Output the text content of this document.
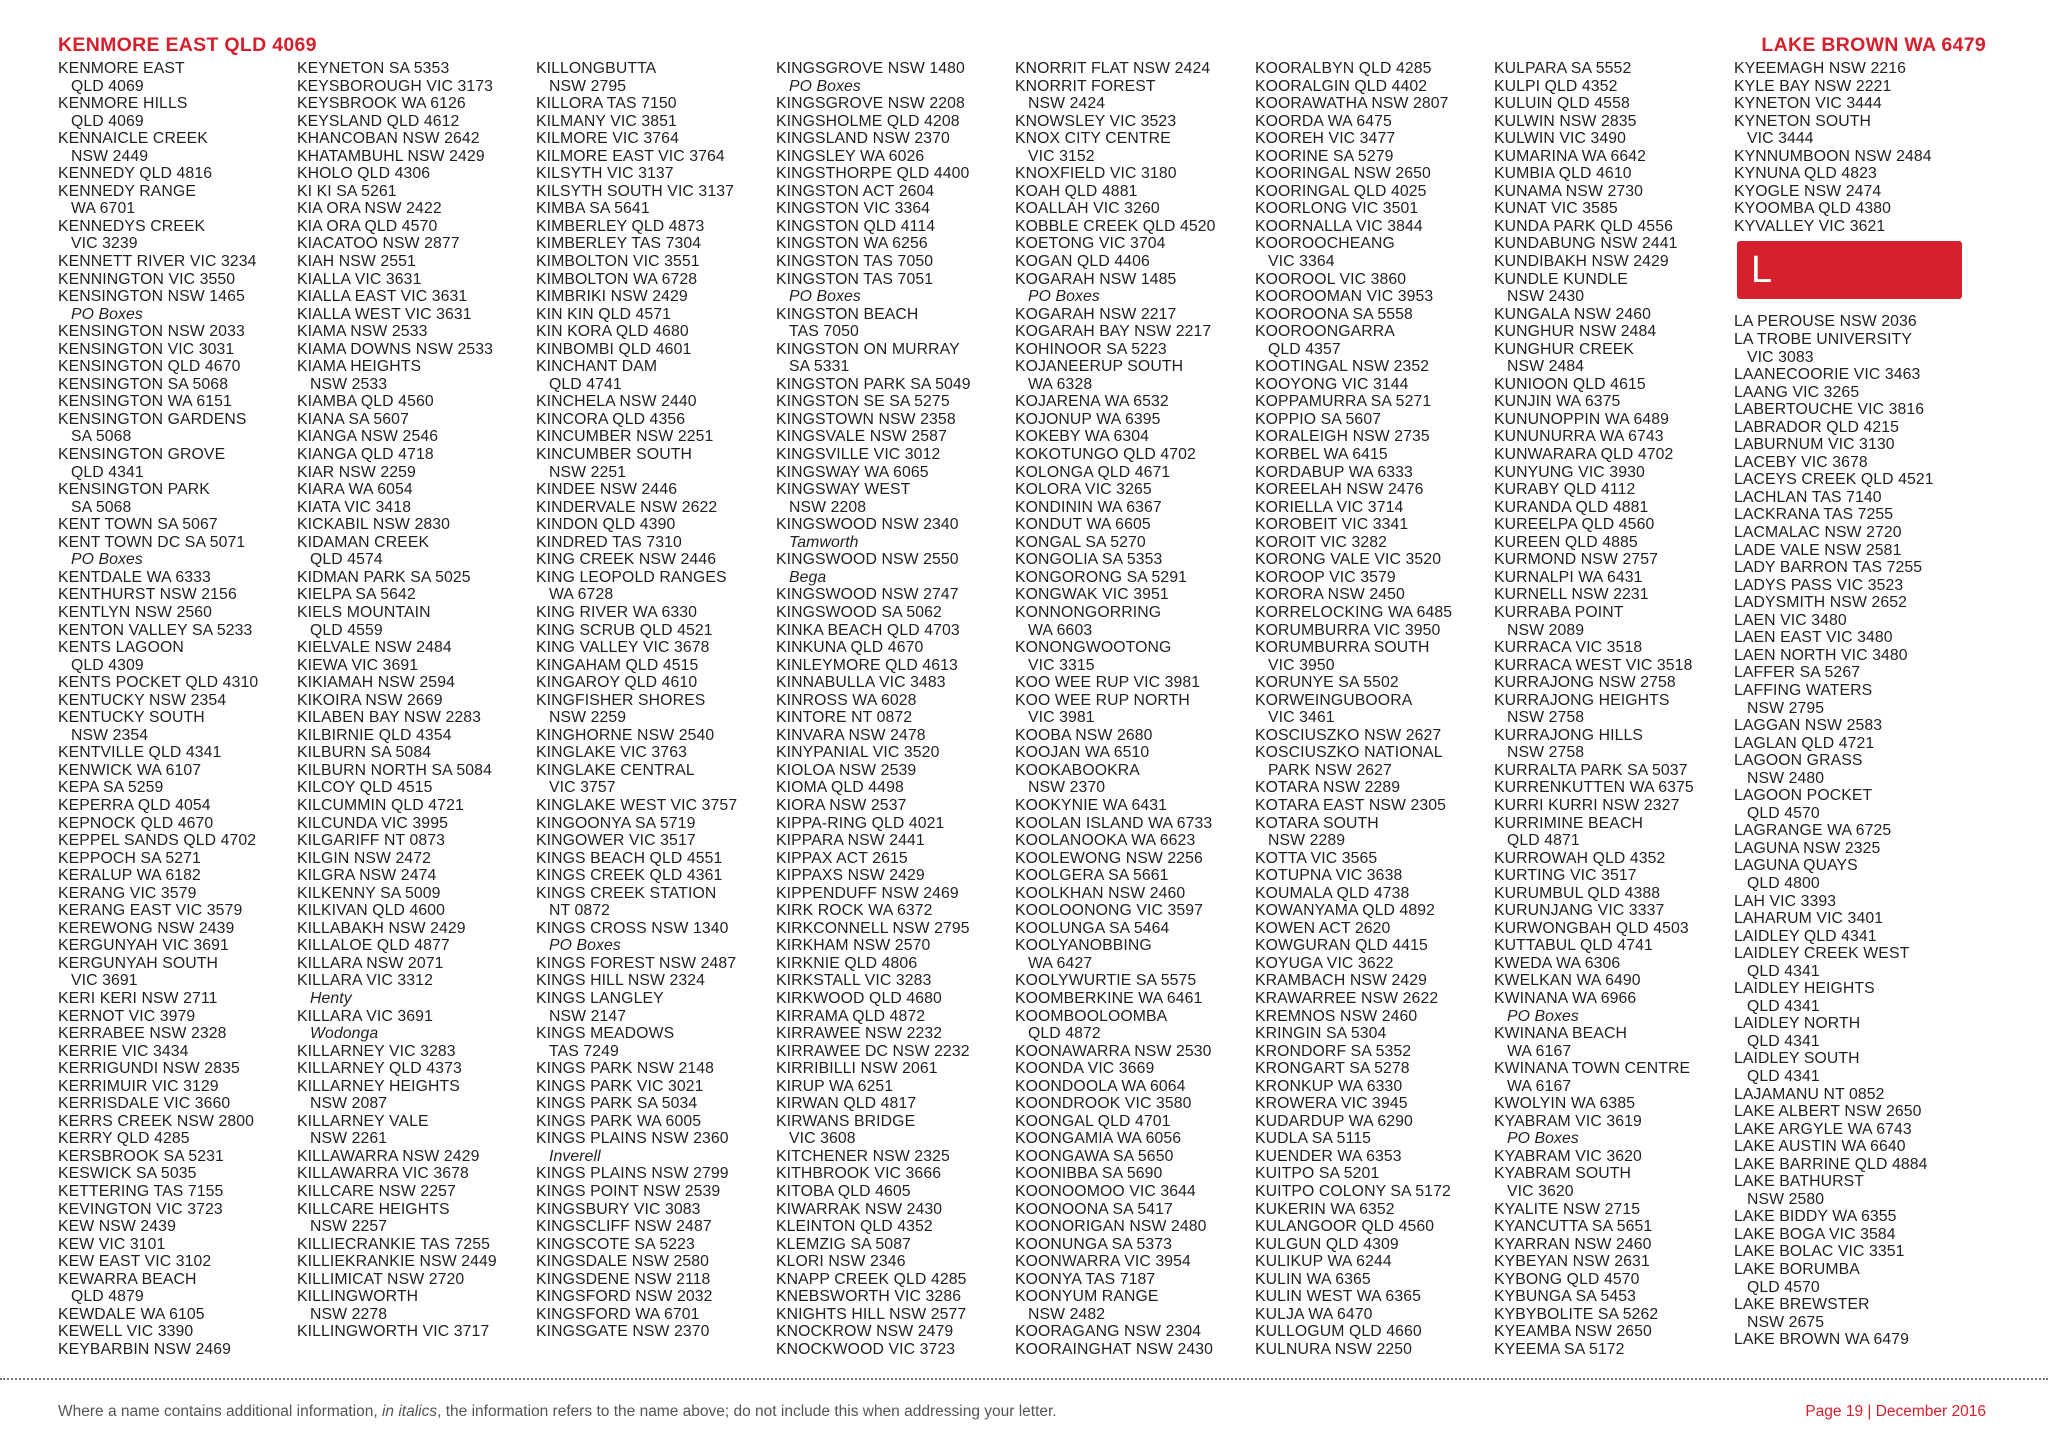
KENMORE EAST QLD 4069	LAKE BROWN WA 6479
KENMORE EAST
QLD 4069
KENMORE HILLS
QLD 4069
KENNAICLE CREEK
NSW 2449
KENNEDY QLD 4816
KENNEDY RANGE
WA 6701
KENNEDYS CREEK
VIC 3239
KENNETT RIVER VIC 3234
KENNINGTON VIC 3550
KENSINGTON NSW 1465
PO Boxes
KENSINGTON NSW 2033
KENSINGTON VIC 3031
KENSINGTON QLD 4670
KENSINGTON SA 5068
KENSINGTON WA 6151
KENSINGTON GARDENS
SA 5068
KENSINGTON GROVE
QLD 4341
KENSINGTON PARK
SA 5068
KENT TOWN SA 5067
KENT TOWN DC SA 5071
PO Boxes
KENTDALE WA 6333
KENTHURST NSW 2156
KENTLYN NSW 2560
KENTON VALLEY SA 5233
KENTS LAGOON
QLD 4309
KENTS POCKET QLD 4310
KENTUCKY NSW 2354
KENTUCKY SOUTH
NSW 2354
KENTVILLE QLD 4341
KENWICK WA 6107
KEPA SA 5259
KEPERRA QLD 4054
KEPNOCK QLD 4670
KEPPEL SANDS QLD 4702
KEPPOCH SA 5271
KERALUP WA 6182
KERANG VIC 3579
KERANG EAST VIC 3579
KEREWONG NSW 2439
KERGUNYAH VIC 3691
KERGUNYAH SOUTH
VIC 3691
KERI KERI NSW 2711
KERNOT VIC 3979
KERRABEE NSW 2328
KERRIE VIC 3434
KERRIGUNDI NSW 2835
KERRIMUIR VIC 3129
KERRISDALE VIC 3660
KERRS CREEK NSW 2800
KERRY QLD 4285
KERSBROOK SA 5231
KESWICK SA 5035
KETTERING TAS 7155
KEVINGTON VIC 3723
KEW NSW 2439
KEW VIC 3101
KEW EAST VIC 3102
KEWARRA BEACH
QLD 4879
KEWDALE WA 6105
KEWELL VIC 3390
KEYBARBIN NSW 2469
KEYNETON SA 5353
KEYSBOROUGH VIC 3173
KEYSBROOK WA 6126
KEYSLAND QLD 4612
KHANCOBAN NSW 2642
KHATAMBUHL NSW 2429
KHOLO QLD 4306
KI KI SA 5261
KIA ORA NSW 2422
KIA ORA QLD 4570
KIACATOO NSW 2877
KIAH NSW 2551
KIALLA VIC 3631
KIALLA EAST VIC 3631
KIALLA WEST VIC 3631
KIAMA NSW 2533
KIAMA DOWNS NSW 2533
KIAMA HEIGHTS
NSW 2533
KIAMBA QLD 4560
KIANA SA 5607
KIANGA NSW 2546
KIANGA QLD 4718
KIAR NSW 2259
KIARA WA 6054
KIATA VIC 3418
KICKABIL NSW 2830
KIDAMAN CREEK
QLD 4574
KIDMAN PARK SA 5025
KIELPA SA 5642
KIELS MOUNTAIN
QLD 4559
KIELVALE NSW 2484
KIEWA VIC 3691
KIKIAMAH NSW 2594
KIKOIRA NSW 2669
KILABEN BAY NSW 2283
KILBIRNIE QLD 4354
KILBURN SA 5084
KILBURN NORTH SA 5084
KILCOY QLD 4515
KILCUMMIN QLD 4721
KILCUNDA VIC 3995
KILGARIFF NT 0873
KILGIN NSW 2472
KILGRA NSW 2474
KILKENNY SA 5009
KILKIVAN QLD 4600
KILLABAKH NSW 2429
KILLALOE QLD 4877
KILLARA NSW 2071
KILLARA VIC 3312
Henty
KILLARA VIC 3691
Wodonga
KILLARNEY VIC 3283
KILLARNEY QLD 4373
KILLARNEY HEIGHTS
NSW 2087
KILLARNEY VALE
NSW 2261
KILLAWARRA NSW 2429
KILLAWARRA VIC 3678
KILLCARE NSW 2257
KILLCARE HEIGHTS
NSW 2257
KILLIECRANKIE TAS 7255
KILLIEKRANKIE NSW 2449
KILLIMICAT NSW 2720
KILLINGWORTH
NSW 2278
KILLINGWORTH VIC 3717
KILLONGBUTTA
NSW 2795
KILLORA TAS 7150
KILMANY VIC 3851
KILMORE VIC 3764
KILMORE EAST VIC 3764
KILSYTH VIC 3137
KILSYTH SOUTH VIC 3137
KIMBA SA 5641
KIMBERLEY QLD 4873
KIMBERLEY TAS 7304
KIMBOLTON VIC 3551
KIMBOLTON WA 6728
KIMBRIKI NSW 2429
KIN KIN QLD 4571
KIN KORA QLD 4680
KINBOMBI QLD 4601
KINCHANT DAM
QLD 4741
KINCHELA NSW 2440
KINCORA QLD 4356
KINCUMBER NSW 2251
KINCUMBER SOUTH
NSW 2251
KINDEE NSW 2446
KINDERVALE NSW 2622
KINDON QLD 4390
KINDRED TAS 7310
KING CREEK NSW 2446
KING LEOPOLD RANGES
WA 6728
KING RIVER WA 6330
KING SCRUB QLD 4521
KING VALLEY VIC 3678
KINGAHAM QLD 4515
KINGAROY QLD 4610
KINGFISHER SHORES
NSW 2259
KINGHORNE NSW 2540
KINGLAKE VIC 3763
KINGLAKE CENTRAL
VIC 3757
KINGLAKE WEST VIC 3757
KINGOONYA SA 5719
KINGOWER VIC 3517
KINGS BEACH QLD 4551
KINGS CREEK QLD 4361
KINGS CREEK STATION
NT 0872
KINGS CROSS NSW 1340
PO Boxes
KINGS FOREST NSW 2487
KINGS HILL NSW 2324
KINGS LANGLEY
NSW 2147
KINGS MEADOWS
TAS 7249
KINGS PARK NSW 2148
KINGS PARK VIC 3021
KINGS PARK SA 5034
KINGS PARK WA 6005
KINGS PLAINS NSW 2360
Inverell
KINGS PLAINS NSW 2799
KINGS POINT NSW 2539
KINGSBURY VIC 3083
KINGSCLIFF NSW 2487
KINGSCOTE SA 5223
KINGSDALE NSW 2580
KINGSDENE NSW 2118
KINGSFORD NSW 2032
KINGSFORD WA 6701
KINGSGATE NSW 2370
KINGSGROVE NSW 1480
PO Boxes
KINGSGROVE NSW 2208
KINGSHOLME QLD 4208
KINGSLAND NSW 2370
KINGSLEY WA 6026
KINGSTHORPE QLD 4400
KINGSTON ACT 2604
KINGSTON VIC 3364
KINGSTON QLD 4114
KINGSTON WA 6256
KINGSTON TAS 7050
KINGSTON TAS 7051
PO Boxes
KINGSTON BEACH
TAS 7050
KINGSTON ON MURRAY
SA 5331
KINGSTON PARK SA 5049
KINGSTON SE SA 5275
KINGSTOWN NSW 2358
KINGSVALE NSW 2587
KINGSVILLE VIC 3012
KINGSWAY WA 6065
KINGSWAY WEST
NSW 2208
KINGSWOOD NSW 2340
Tamworth
KINGSWOOD NSW 2550
Bega
KINGSWOOD NSW 2747
KINGSWOOD SA 5062
KINKA BEACH QLD 4703
KINKUNA QLD 4670
KINLEYMORE QLD 4613
KINNABULLA VIC 3483
KINROSS WA 6028
KINTORE NT 0872
KINVARA NSW 2478
KINYPANIAL VIC 3520
KIOLOA NSW 2539
KIOMA QLD 4498
KIORA NSW 2537
KIPPA-RING QLD 4021
KIPPARA NSW 2441
KIPPAX ACT 2615
KIPPAXS NSW 2429
KIPPENDUFF NSW 2469
KIRK ROCK WA 6372
KIRKCONNELL NSW 2795
KIRKHAM NSW 2570
KIRKNIE QLD 4806
KIRKSTALL VIC 3283
KIRKWOOD QLD 4680
KIRRAMA QLD 4872
KIRRAWEE NSW 2232
KIRRAWEE DC NSW 2232
KIRRIBILLI NSW 2061
KIRUP WA 6251
KIRWAN QLD 4817
KIRWANS BRIDGE
VIC 3608
KITCHENER NSW 2325
KITHBROOK VIC 3666
KITOBA QLD 4605
KIWARRAK NSW 2430
KLEINTON QLD 4352
KLEMZIG SA 5087
KLORI NSW 2346
KNAPP CREEK QLD 4285
KNEBSWORTH VIC 3286
KNIGHTS HILL NSW 2577
KNOCKROW NSW 2479
KNOCKWOOD VIC 3723
KNORRIT FLAT NSW 2424
KNORRIT FOREST
NSW 2424
KNOWSLEY VIC 3523
KNOX CITY CENTRE
VIC 3152
KNOXFIELD VIC 3180
KOAH QLD 4881
KOALLAH VIC 3260
KOBBLE CREEK QLD 4520
KOETONG VIC 3704
KOGAN QLD 4406
KOGARAH NSW 1485
PO Boxes
KOGARAH NSW 2217
KOGARAH BAY NSW 2217
KOHINOOR SA 5223
KOJANEERUP SOUTH
WA 6328
KOJARENA WA 6532
KOJONUP WA 6395
KOKEBY WA 6304
KOKOTUNGO QLD 4702
KOLONGA QLD 4671
KOLORA VIC 3265
KONDININ WA 6367
KONDUT WA 6605
KONGAL SA 5270
KONGOLIA SA 5353
KONGORONG SA 5291
KONGWAK VIC 3951
KONNONGORRING
WA 6603
KONONGWOOTONG
VIC 3315
KOO WEE RUP VIC 3981
KOO WEE RUP NORTH
VIC 3981
KOOBA NSW 2680
KOOJAN WA 6510
KOOKABOOKRA
NSW 2370
KOOKYNIE WA 6431
KOOLAN ISLAND WA 6733
KOOLANOOKA WA 6623
KOOLEWONG NSW 2256
KOOLGERA SA 5661
KOOLKHAN NSW 2460
KOOLOONONG VIC 3597
KOOLUNGA SA 5464
KOOLYANOBBING
WA 6427
KOOLYWURTIE SA 5575
KOOMBERKINE WA 6461
KOOMBOOLOOMBA
QLD 4872
KOONAWARRA NSW 2530
KOONDA VIC 3669
KOONDOOLA WA 6064
KOONDROOK VIC 3580
KOONGAL QLD 4701
KOONGAMIA WA 6056
KOONGAWA SA 5650
KOONIBBA SA 5690
KOONOOMOO VIC 3644
KOONOONA SA 5417
KOONORIGAN NSW 2480
KOONUNGA SA 5373
KOONWARRA VIC 3954
KOONYA TAS 7187
KOONYUM RANGE
NSW 2482
KOORAGANG NSW 2304
KOORAINGHAT NSW 2430
KOORALBYN QLD 4285
KOORALGIN QLD 4402
KOORAWATHA NSW 2807
KOORDA WA 6475
KOOREH VIC 3477
KOORINE SA 5279
KOORINGAL NSW 2650
KOORINGAL QLD 4025
KOORLONG VIC 3501
KOORNALLA VIC 3844
KOOROOCHEANG
VIC 3364
KOOROOL VIC 3860
KOOROOMAN VIC 3953
KOOROONA SA 5558
KOOROONGARRA
QLD 4357
KOOTINGAL NSW 2352
KOOYONG VIC 3144
KOPPAMURRA SA 5271
KOPPIO SA 5607
KORALEIGH NSW 2735
KORBEL WA 6415
KORDABUP WA 6333
KOREELAH NSW 2476
KORIELLA VIC 3714
KOROBEIT VIC 3341
KOROIT VIC 3282
KORONG VALE VIC 3520
KOROOP VIC 3579
KORORA NSW 2450
KORRELOCKING WA 6485
KORUMBURRA VIC 3950
KORUMBURRA SOUTH
VIC 3950
KORUNYE SA 5502
KORWEINGUBOORA
VIC 3461
KOSCIUSZKO NSW 2627
KOSCIUSZKO NATIONAL
PARK NSW 2627
KOTARA NSW 2289
KOTARA EAST NSW 2305
KOTARA SOUTH
NSW 2289
KOTTA VIC 3565
KOTUPNA VIC 3638
KOUMALA QLD 4738
KOWANYAMA QLD 4892
KOWEN ACT 2620
KOWGURAN QLD 4415
KOYUGA VIC 3622
KRAMBACH NSW 2429
KRAWARREE NSW 2622
KREMNOS NSW 2460
KRINGIN SA 5304
KRONDORF SA 5352
KRONGART SA 5278
KRONKUP WA 6330
KROWERA VIC 3945
KUDARDUP WA 6290
KUDLA SA 5115
KUENDER WA 6353
KUITPO SA 5201
KUITPO COLONY SA 5172
KUKERIN WA 6352
KULANGOOR QLD 4560
KULGUN QLD 4309
KULIKUP WA 6244
KULIN WA 6365
KULIN WEST WA 6365
KULJA WA 6470
KULLOGUM QLD 4660
KULNURA NSW 2250
KULPARA SA 5552
KULPI QLD 4352
KULUIN QLD 4558
KULWIN NSW 2835
KULWIN VIC 3490
KUMARINA WA 6642
KUMBIA QLD 4610
KUNAMA NSW 2730
KUNAT VIC 3585
KUNDA PARK QLD 4556
KUNDABUNG NSW 2441
KUNDIBAKH NSW 2429
KUNDLE KUNDLE
NSW 2430
KUNGALA NSW 2460
KUNGHUR NSW 2484
KUNGHUR CREEK
NSW 2484
KUNIOON QLD 4615
KUNJIN WA 6375
KUNUNOPPIN WA 6489
KUNUNURRA WA 6743
KUNWARARA QLD 4702
KUNYUNG VIC 3930
KURABY QLD 4112
KURANDA QLD 4881
KUREELPA QLD 4560
KUREEN QLD 4885
KURMOND NSW 2757
KURNALPI WA 6431
KURNELL NSW 2231
KURRABA POINT
NSW 2089
KURRACA VIC 3518
KURRACA WEST VIC 3518
KURRAJONG NSW 2758
KURRAJONG HEIGHTS
NSW 2758
KURRAJONG HILLS
NSW 2758
KURRALTA PARK SA 5037
KURRENKUTTEN WA 6375
KURRI KURRI NSW 2327
KURRIMINE BEACH
QLD 4871
KURROWAH QLD 4352
KURTING VIC 3517
KURUMBUL QLD 4388
KURUNJANG VIC 3337
KURWONGBAH QLD 4503
KUTTABUL QLD 4741
KWEDA WA 6306
KWELKAN WA 6490
KWINANA WA 6966
PO Boxes
KWINANA BEACH
WA 6167
KWINANA TOWN CENTRE
WA 6167
KWOLYIN WA 6385
KYABRAM VIC 3619
PO Boxes
KYABRAM VIC 3620
KYABRAM SOUTH
VIC 3620
KYALITE NSW 2715
KYANCUTTA SA 5651
KYARRAN NSW 2460
KYBEYAN NSW 2631
KYBONG QLD 4570
KYBUNGA SA 5453
KYBYBOLITE SA 5262
KYEAMBA NSW 2650
KYEEMA SA 5172
KYEEMAGH NSW 2216
KYLE BAY NSW 2221
KYNETON VIC 3444
KYNETON SOUTH
VIC 3444
KYNNUMBOON NSW 2484
KYNUNA QLD 4823
KYOGLE NSW 2474
KYOOMBA QLD 4380
KYVALLEY VIC 3621
L
LA PEROUSE NSW 2036
LA TROBE UNIVERSITY
VIC 3083
LAANECOORIE VIC 3463
LAANG VIC 3265
LABERTOUCHE VIC 3816
LABRADOR QLD 4215
LABURNUM VIC 3130
LACEBY VIC 3678
LACEYS CREEK QLD 4521
LACHLAN TAS 7140
LACKRANA TAS 7255
LACMALAC NSW 2720
LADE VALE NSW 2581
LADY BARRON TAS 7255
LADYS PASS VIC 3523
LADYSMITH NSW 2652
LAEN VIC 3480
LAEN EAST VIC 3480
LAEN NORTH VIC 3480
LAFFER SA 5267
LAFFING WATERS
NSW 2795
LAGGAN NSW 2583
LAGLAN QLD 4721
LAGOON GRASS
NSW 2480
LAGOON POCKET
QLD 4570
LAGRANGE WA 6725
LAGUNA NSW 2325
LAGUNA QUAYS
QLD 4800
LAH VIC 3393
LAHARUM VIC 3401
LAIDLEY QLD 4341
LAIDLEY CREEK WEST
QLD 4341
LAIDLEY HEIGHTS
QLD 4341
LAIDLEY NORTH
QLD 4341
LAIDLEY SOUTH
QLD 4341
LAJAMANU NT 0852
LAKE ALBERT NSW 2650
LAKE ARGYLE WA 6743
LAKE AUSTIN WA 6640
LAKE BARRINE QLD 4884
LAKE BATHURST
NSW 2580
LAKE BIDDY WA 6355
LAKE BOGA VIC 3584
LAKE BOLAC VIC 3351
LAKE BORUMBA
QLD 4570
LAKE BREWSTER
NSW 2675
LAKE BROWN WA 6479
Where a name contains additional information, in italics, the information refers to the name above; do not include this when addressing your letter.	Page 19 | December 2016
